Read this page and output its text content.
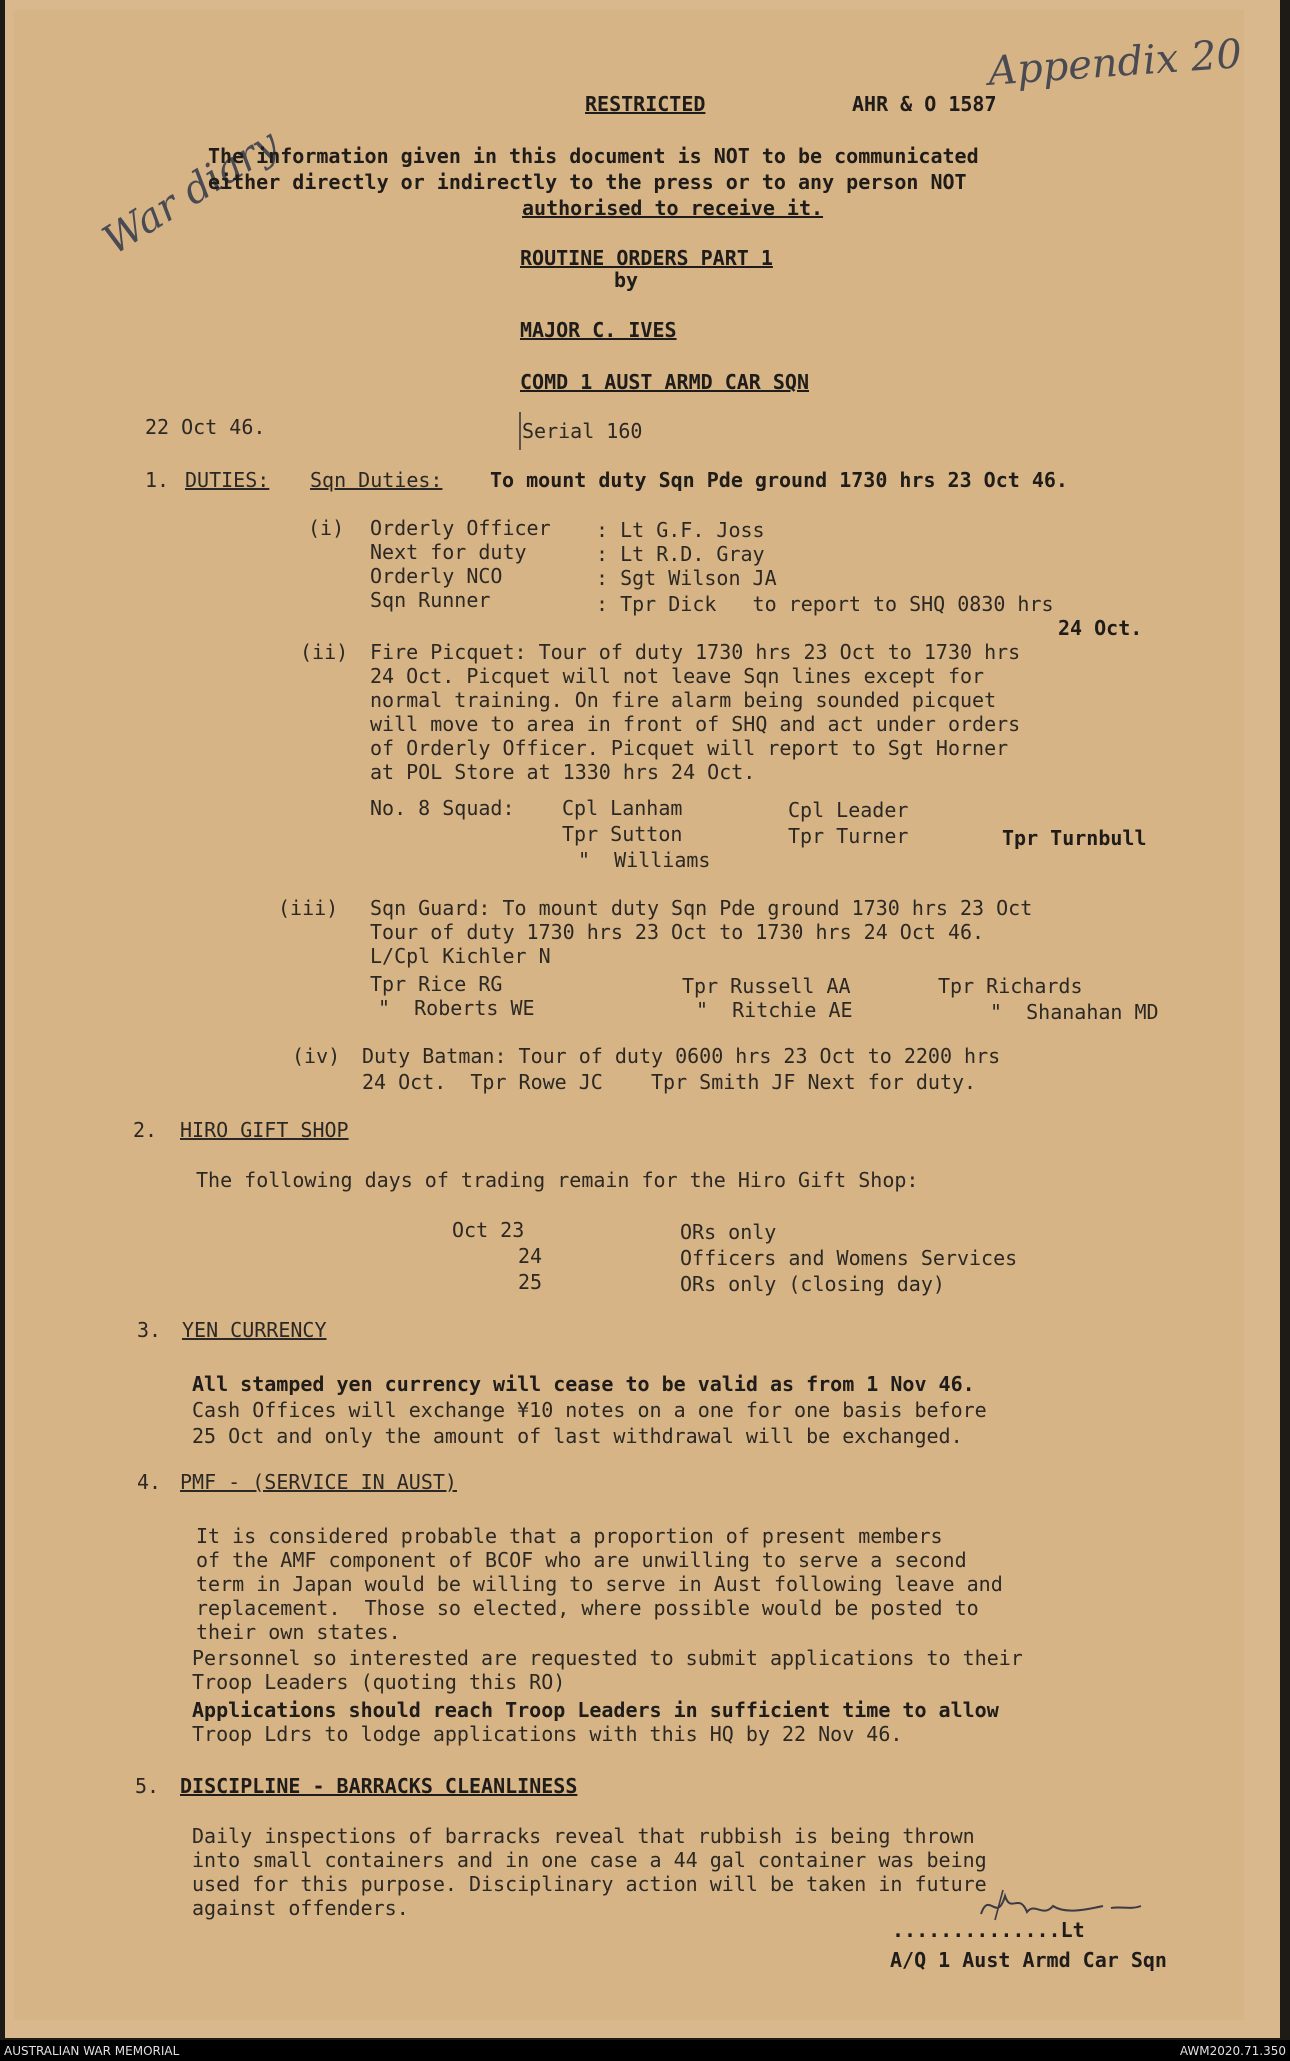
RESTRICTED	AHR & O 1587
Appendix 20
War diary
The information given in this document is NOT to be communicated
either directly or indirectly to the press or to any person NOT
authorised to receive it.
ROUTINE ORDERS PART 1
by
MAJOR C. IVES
COMD 1 AUST ARMD CAR SQN
22 Oct 46.	Serial 160
1. DUTIES: Sqn Duties: To mount duty Sqn Pde ground 1730 hrs 23 Oct 46.
(i) Orderly Officer : Lt G.F. Joss
Next for duty	: Lt R.D. Gray
Orderly NCO	: Sgt Wilson JA
Sqn Runner	: Tpr Dick   to report to SHQ 0830 hrs
24 Oct.
(ii) Fire Picquet: Tour of duty 1730 hrs 23 Oct to 1730 hrs
24 Oct. Picquet will not leave Sqn lines except for
normal training. On fire alarm being sounded picquet
will move to area in front of SHQ and act under orders
of Orderly Officer. Picquet will report to Sgt Horner
at POL Store at 1330 hrs 24 Oct.
No. 8 Squad: Cpl Lanham	Cpl Leader
Tpr Sutton	Tpr Turner	Tpr Turnbull
"  Williams
(iii) Sqn Guard: To mount duty Sqn Pde ground 1730 hrs 23 Oct
Tour of duty 1730 hrs 23 Oct to 1730 hrs 24 Oct 46.
L/Cpl Kichler N
Tpr Rice RG	Tpr Russell AA	Tpr Richards
"  Roberts WE	"  Ritchie AE	"  Shanahan MD
(iv) Duty Batman: Tour of duty 0600 hrs 23 Oct to 2200 hrs
24 Oct.  Tpr Rowe JC    Tpr Smith JF Next for duty.
2. HIRO GIFT SHOP
The following days of trading remain for the Hiro Gift Shop:
Oct 23	ORs only
24	Officers and Womens Services
25	ORs only (closing day)
3. YEN CURRENCY
All stamped yen currency will cease to be valid as from 1 Nov 46.
Cash Offices will exchange ¥10 notes on a one for one basis before
25 Oct and only the amount of last withdrawal will be exchanged.
4. PMF - (SERVICE IN AUST)
It is considered probable that a proportion of present members
of the AMF component of BCOF who are unwilling to serve a second
term in Japan would be willing to serve in Aust following leave and
replacement.  Those so elected, where possible would be posted to
their own states.
Personnel so interested are requested to submit applications to their
Troop Leaders (quoting this RO)
Applications should reach Troop Leaders in sufficient time to allow
Troop Ldrs to lodge applications with this HQ by 22 Nov 46.
5. DISCIPLINE - BARRACKS CLEANLINESS
Daily inspections of barracks reveal that rubbish is being thrown
into small containers and in one case a 44 gal container was being
used for this purpose. Disciplinary action will be taken in future
against offenders.
..............Lt
A/Q 1 Aust Armd Car Sqn
AUSTRALIAN WAR MEMORIAL	AWM2020.71.350
